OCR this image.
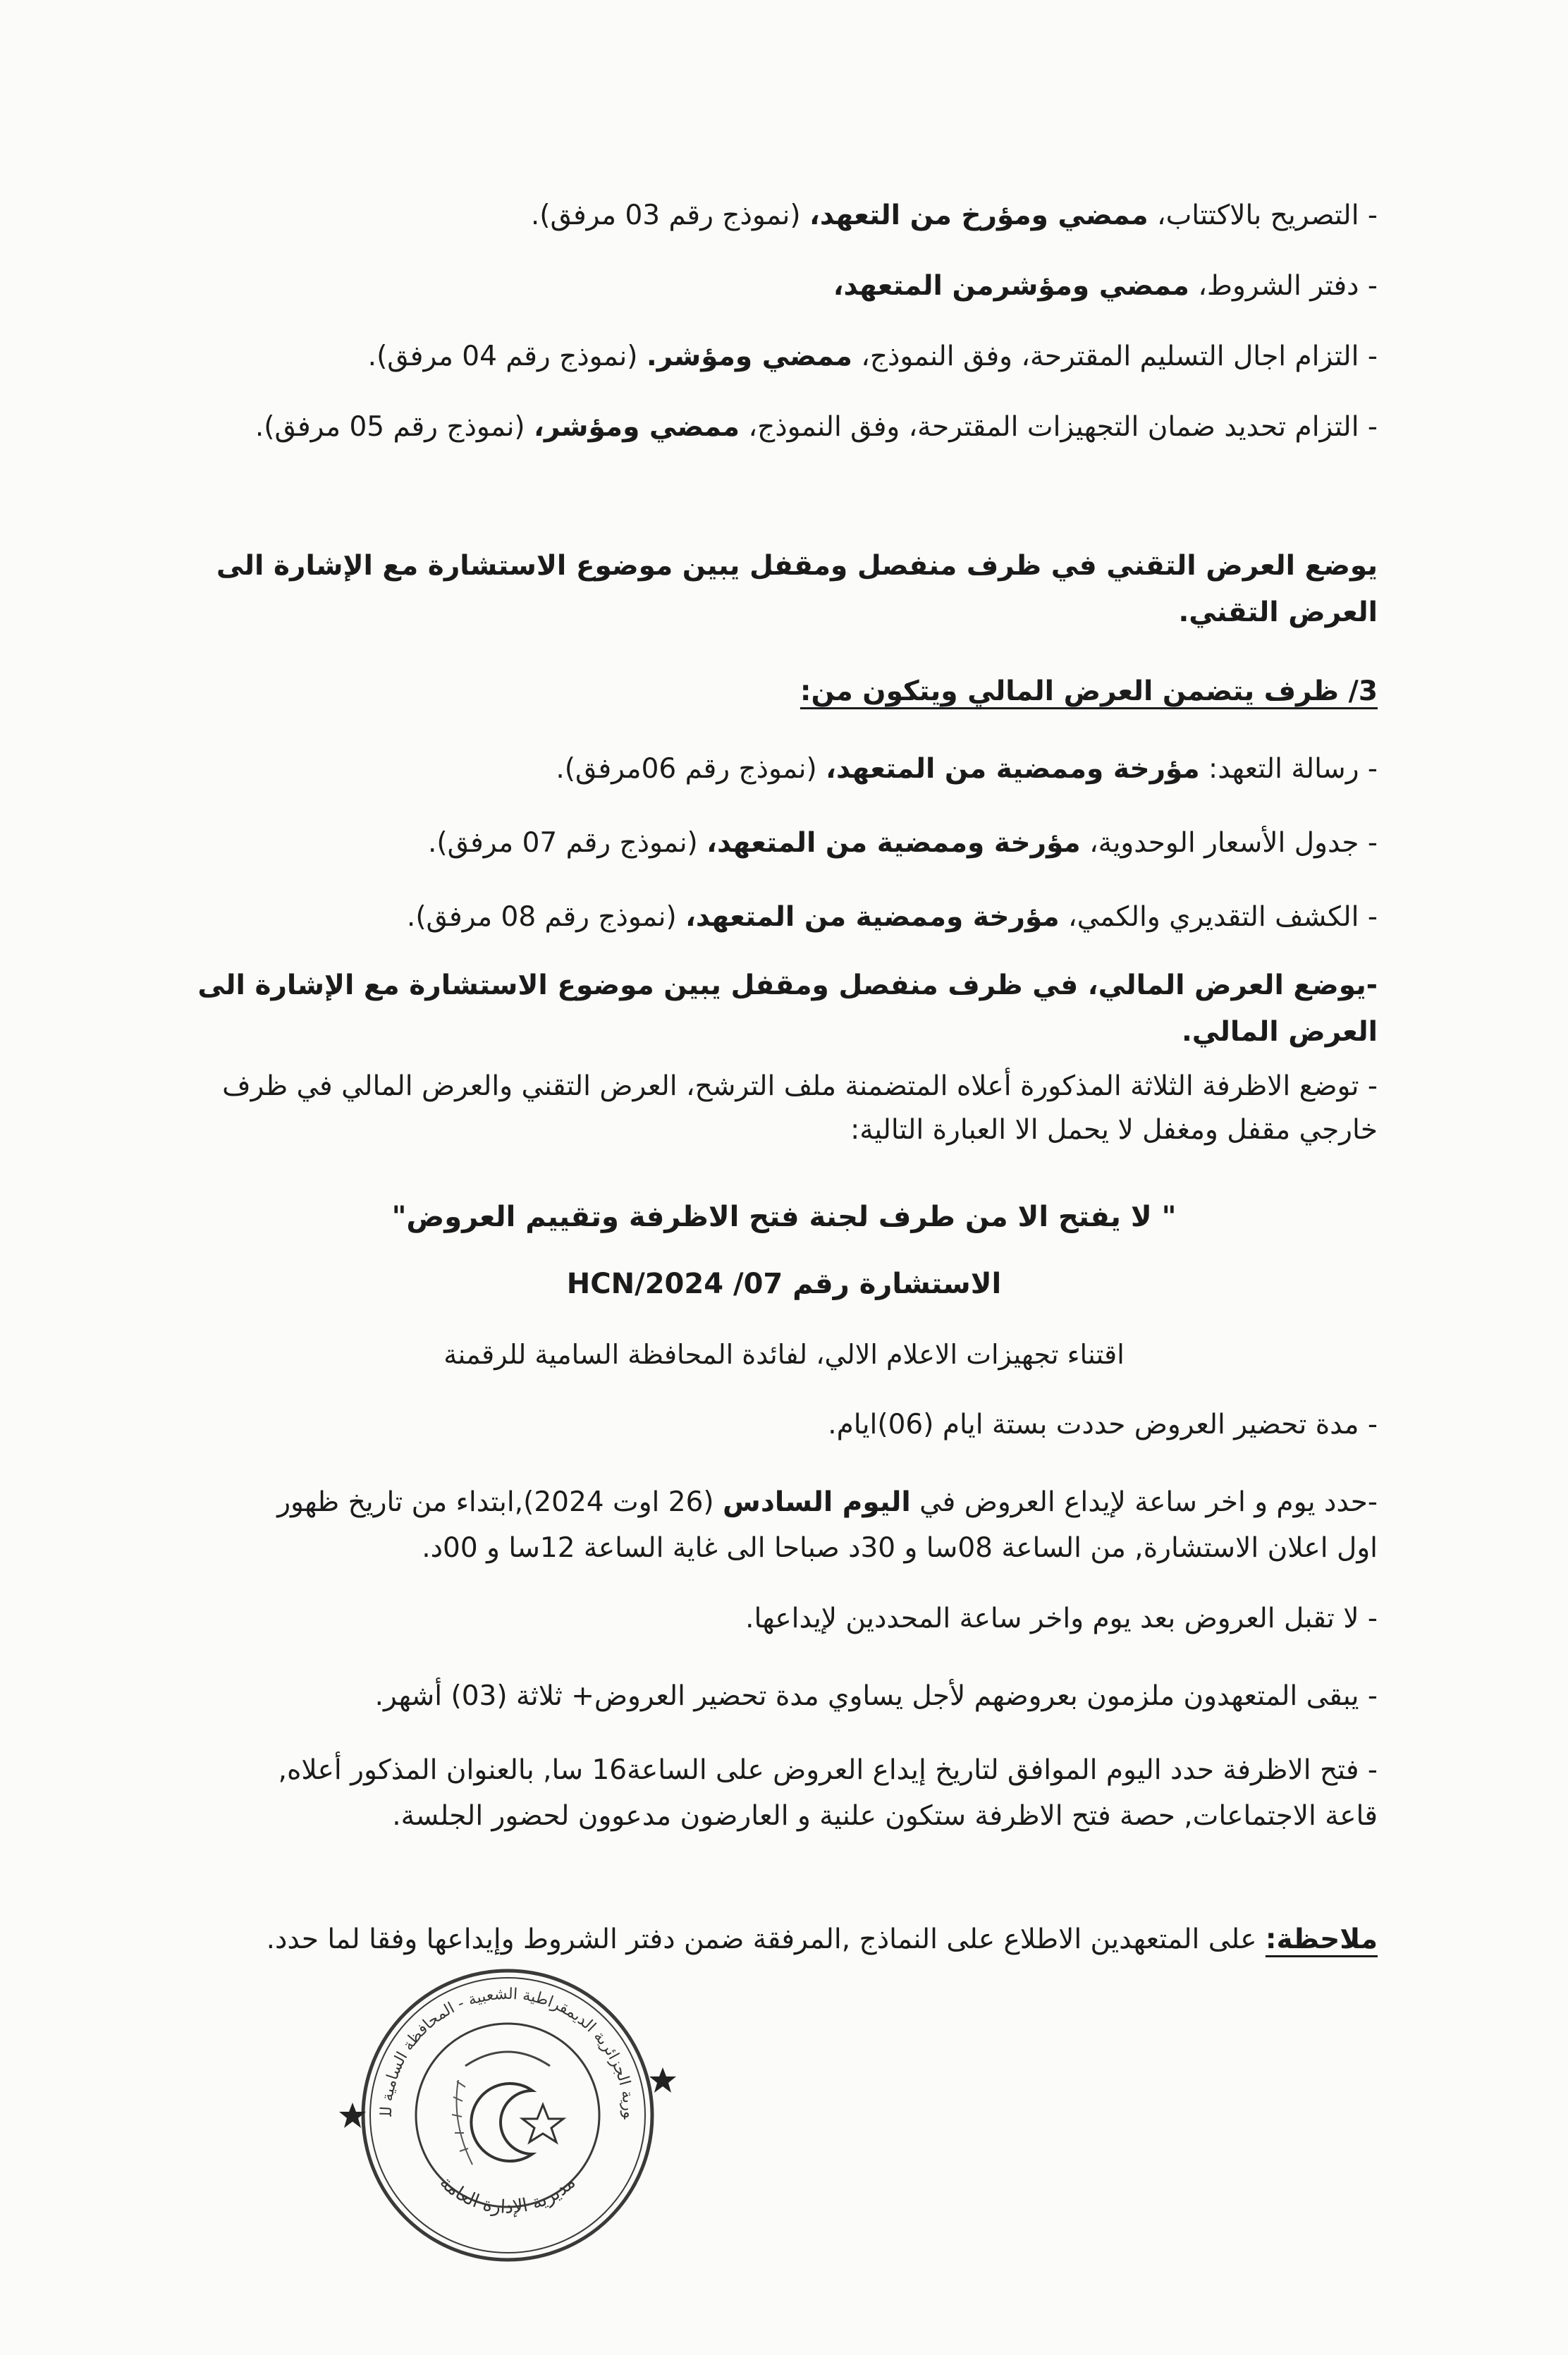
- التصريح بالاكتتاب، ممضي ومؤرخ من التعهد، (نموذج رقم 03 مرفق).
- دفتر الشروط، ممضي ومؤشرمن المتعهد،
- التزام اجال التسليم المقترحة، وفق النموذج، ممضي ومؤشر. (نموذج رقم 04 مرفق).
- التزام تحديد ضمان التجهيزات المقترحة، وفق النموذج، ممضي ومؤشر، (نموذج رقم 05 مرفق).
يوضع العرض التقني في ظرف منفصل ومقفل يبين موضوع الاستشارة مع الإشارة الى العرض التقني.
3/ ظرف يتضمن العرض المالي ويتكون من:
- رسالة التعهد: مؤرخة وممضية من المتعهد، (نموذج رقم 06مرفق).
- جدول الأسعار الوحدوية، مؤرخة وممضية من المتعهد، (نموذج رقم 07 مرفق).
- الكشف التقديري والكمي، مؤرخة وممضية من المتعهد، (نموذج رقم 08 مرفق).
-يوضع العرض المالي، في ظرف منفصل ومقفل يبين موضوع الاستشارة مع الإشارة الى العرض المالي.
- توضع الاظرفة الثلاثة المذكورة أعلاه المتضمنة ملف الترشح، العرض التقني والعرض المالي في ظرف خارجي مقفل ومغفل لا يحمل الا العبارة التالية:
" لا يفتح الا من طرف لجنة فتح الاظرفة وتقييم العروض"
الاستشارة رقم 07/ 2024/HCN
اقتناء تجهيزات الاعلام الالي، لفائدة المحافظة السامية للرقمنة
- مدة تحضير العروض حددت بستة ايام (06)ايام.
-حدد يوم و اخر ساعة لإيداع العروض في اليوم السادس (26 اوت 2024),ابتداء من تاريخ ظهور
اول اعلان الاستشارة, من الساعة 08سا و 30د صباحا الى غاية الساعة 12سا و 00د.
- لا تقبل العروض بعد يوم واخر ساعة المحددين لإيداعها.
- يبقى المتعهدون ملزمون بعروضهم لأجل يساوي مدة تحضير العروض+ ثلاثة (03) أشهر.
- فتح الاظرفة حدد اليوم الموافق لتاريخ إيداع العروض على الساعة16 سا, بالعنوان المذكور أعلاه,
قاعة الاجتماعات, حصة فتح الاظرفة ستكون علنية و العارضون مدعوون لحضور الجلسة.
ملاحظة: على المتعهدين الاطلاع على النماذج ,المرفقة ضمن دفتر الشروط وإيداعها وفقا لما حدد.
ورية الجزائرية الديمقراطية الشعبية - المحافظة السامية لل
مديرية الإدارة العامة
